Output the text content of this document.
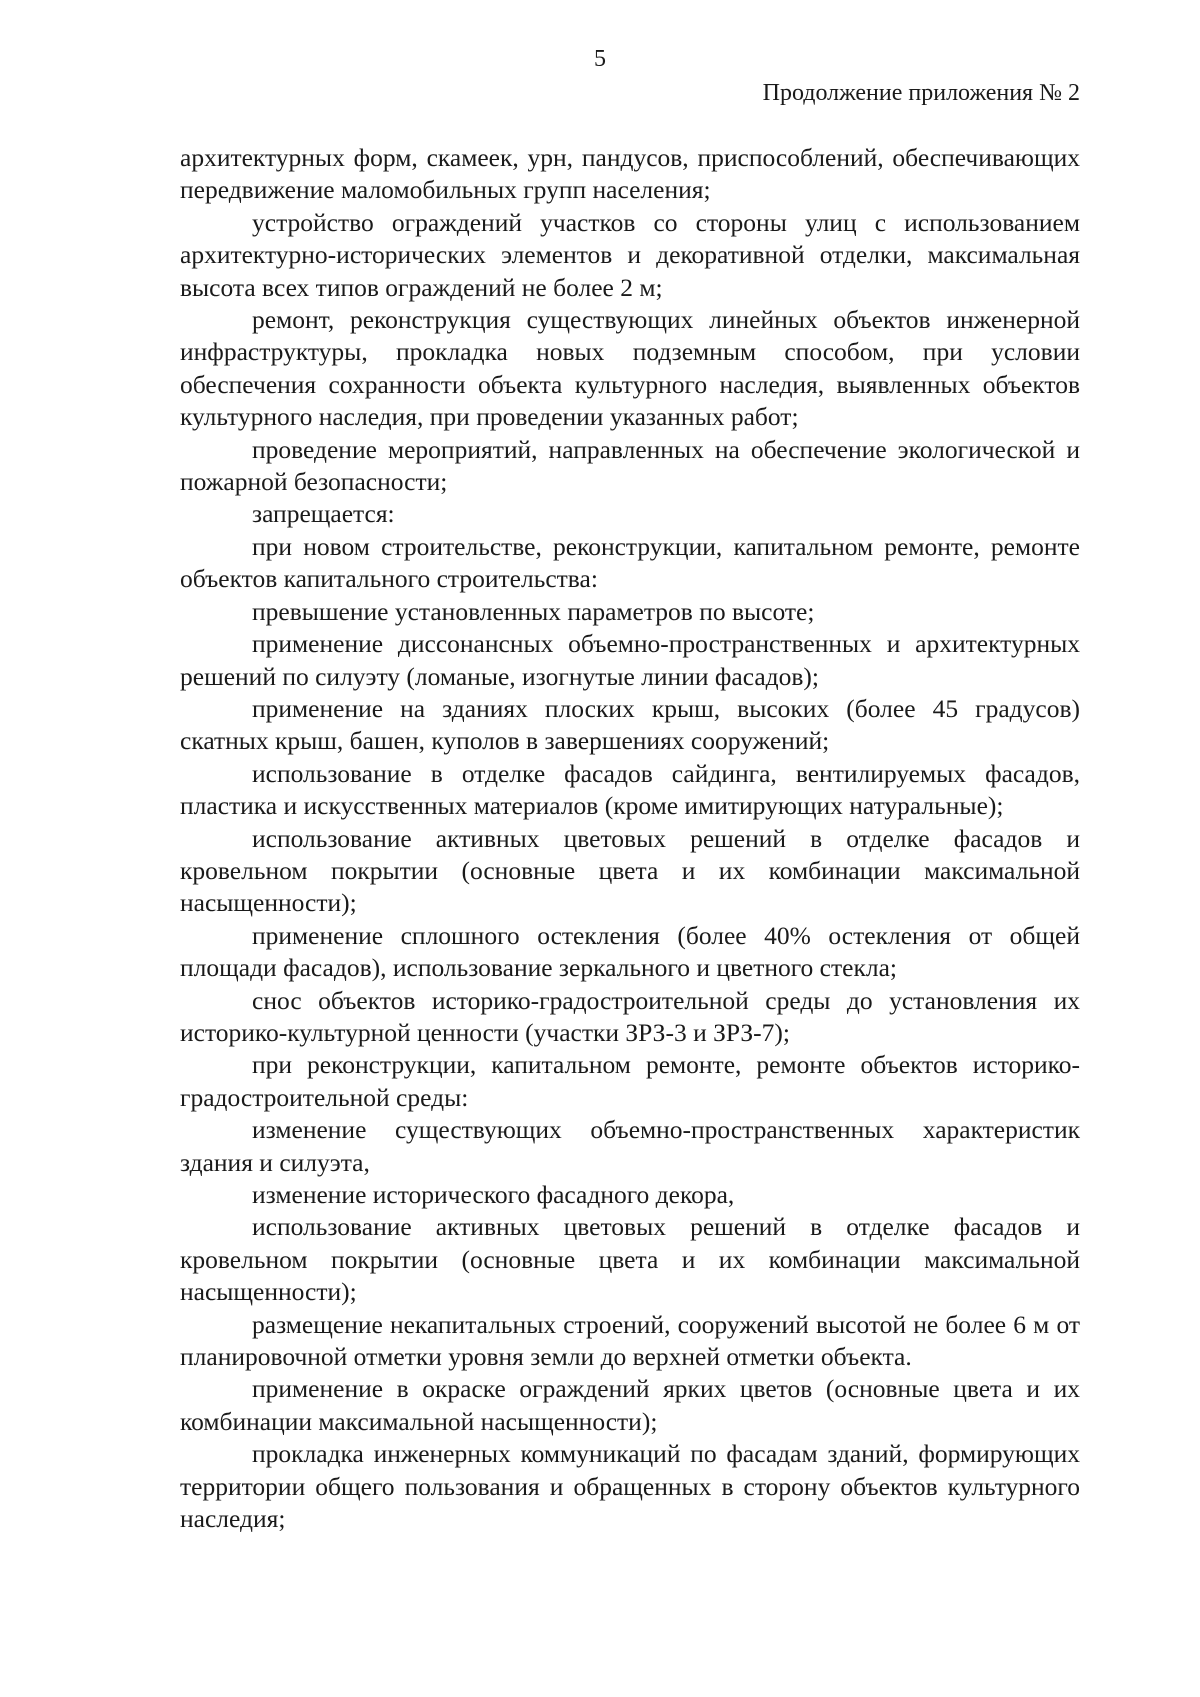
5
Продолжение приложения № 2

архитектурных форм, скамеек, урн, пандусов, приспособлений, обеспечивающих передвижение маломобильных групп населения;

устройство ограждений участков со стороны улиц с использованием архитектурно-исторических элементов и декоративной отделки, максимальная высота всех типов ограждений не более 2 м;

ремонт, реконструкция существующих линейных объектов инженерной инфраструктуры, прокладка новых подземным способом, при условии обеспечения сохранности объекта культурного наследия, выявленных объектов культурного наследия, при проведении указанных работ;

проведение мероприятий, направленных на обеспечение экологической и пожарной безопасности;

запрещается:

при новом строительстве, реконструкции, капитальном ремонте, ремонте объектов капитального строительства:

превышение установленных параметров по высоте;

применение диссонансных объемно-пространственных и архитектурных решений по силуэту (ломаные, изогнутые линии фасадов);

применение на зданиях плоских крыш, высоких (более 45 градусов) скатных крыш, башен, куполов в завершениях сооружений;

использование в отделке фасадов сайдинга, вентилируемых фасадов, пластика и искусственных материалов (кроме имитирующих натуральные);

использование активных цветовых решений в отделке фасадов и кровельном покрытии (основные цвета и их комбинации максимальной насыщенности);

применение сплошного остекления (более 40% остекления от общей площади фасадов), использование зеркального и цветного стекла;

снос объектов историко-градостроительной среды до установления их историко-культурной ценности (участки ЗРЗ-3 и ЗРЗ-7);

при реконструкции, капитальном ремонте, ремонте объектов историко-градостроительной среды:

изменение существующих объемно-пространственных характеристик здания и силуэта,

изменение исторического фасадного декора,

использование активных цветовых решений в отделке фасадов и кровельном покрытии (основные цвета и их комбинации максимальной насыщенности);

размещение некапитальных строений, сооружений высотой не более 6 м от планировочной отметки уровня земли до верхней отметки объекта.

применение в окраске ограждений ярких цветов (основные цвета и их комбинации максимальной насыщенности);

прокладка инженерных коммуникаций по фасадам зданий, формирующих территории общего пользования и обращенных в сторону объектов культурного наследия;
